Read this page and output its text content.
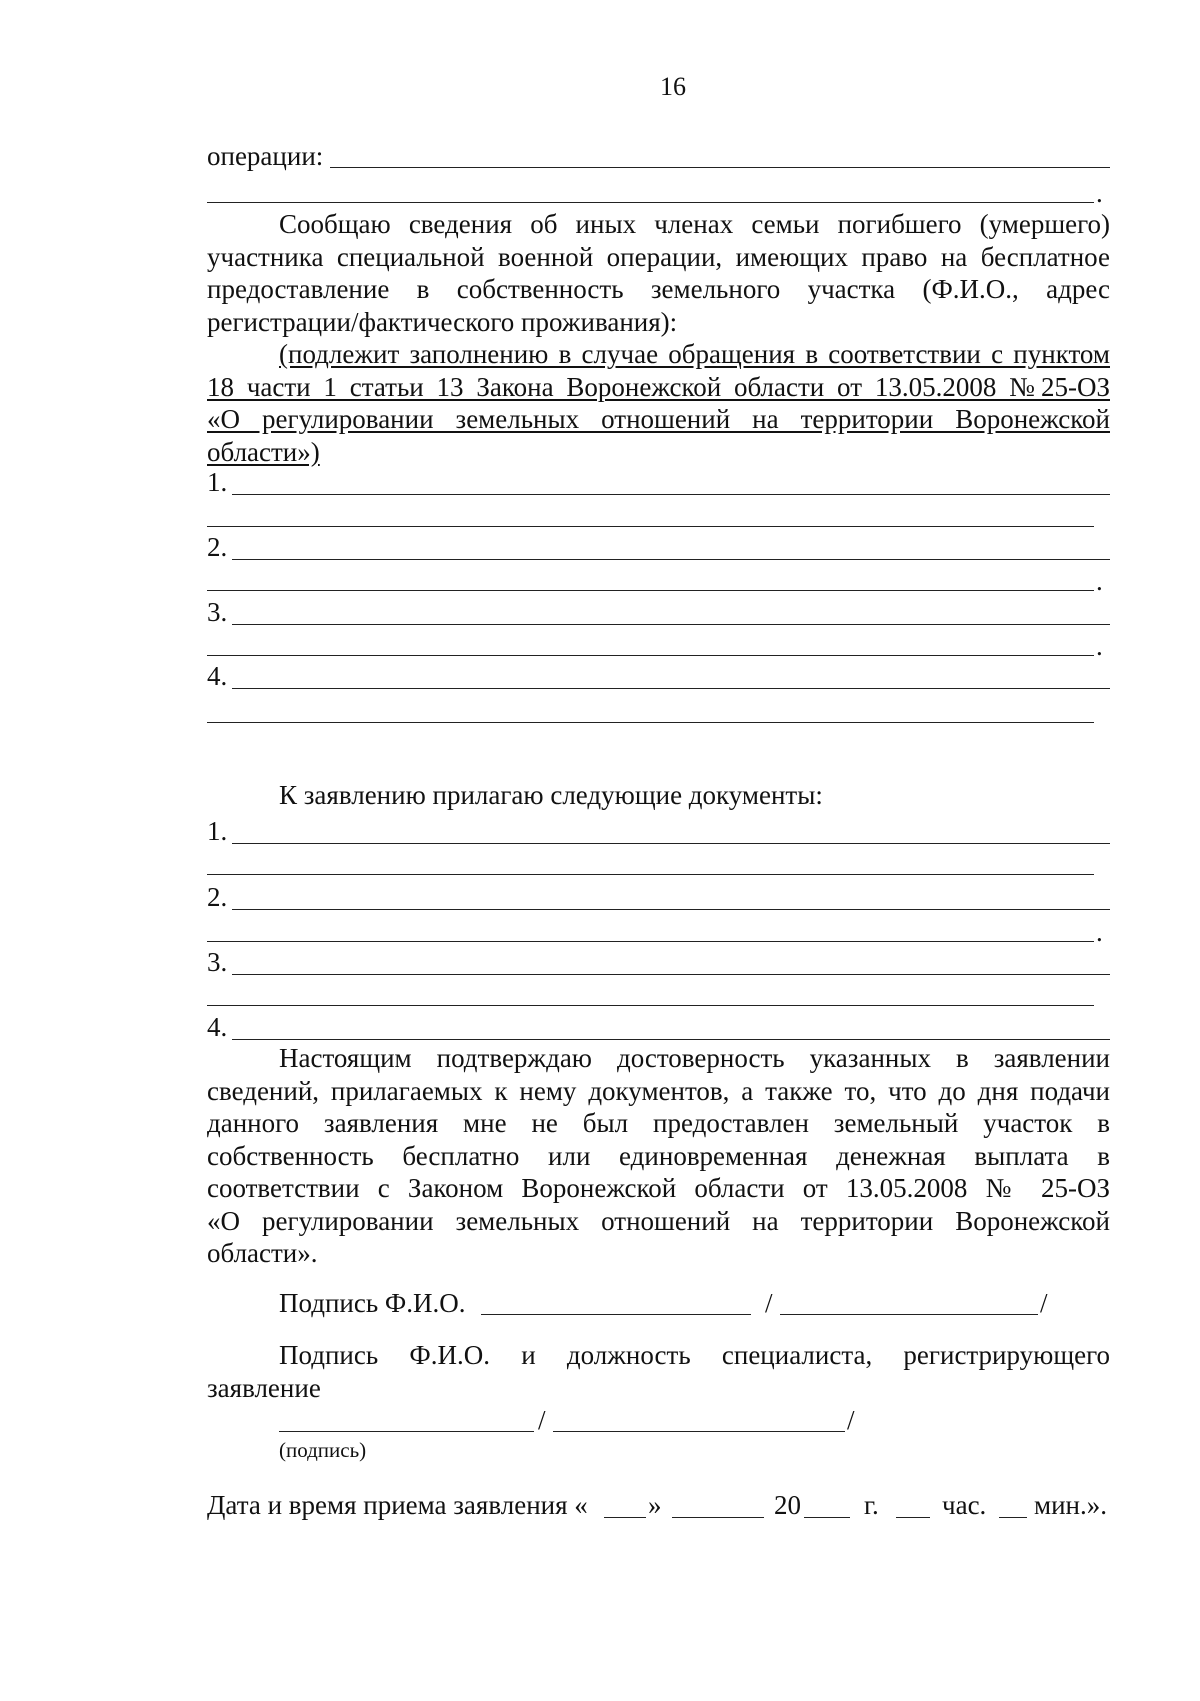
16
операции:
.
Сообщаю сведения об иных членах семьи погибшего (умершего)
участника специальной военной операции, имеющих право на бесплатное
предоставление в собственность земельного участка (Ф.И.О., адрес
регистрации/фактического проживания):
(подлежит заполнению в случае обращения в соответствии с пунктом
18 части 1 статьи 13 Закона Воронежской области от 13.05.2008 №25-ОЗ
«О регулировании земельных отношений на территории Воронежской
области»)
1.
2.
.
3.
.
4.
К заявлению прилагаю следующие документы:
1.
2.
.
3.
4.
Настоящим подтверждаю достоверность указанных в заявлении
сведений, прилагаемых к нему документов, а также то, что до дня подачи
данного заявления мне не был предоставлен земельный участок в
собственность бесплатно или единовременная денежная выплата в
соответствии с Законом Воронежской области от 13.05.2008 № 25-ОЗ
«О регулировании земельных отношений на территории Воронежской
области».
Подпись Ф.И.О.	/	/
Подпись Ф.И.О. и должность специалиста, регистрирующего
заявление
/	/
(подпись)
Дата и время приема заявления « »	20 г. час. мин.».
